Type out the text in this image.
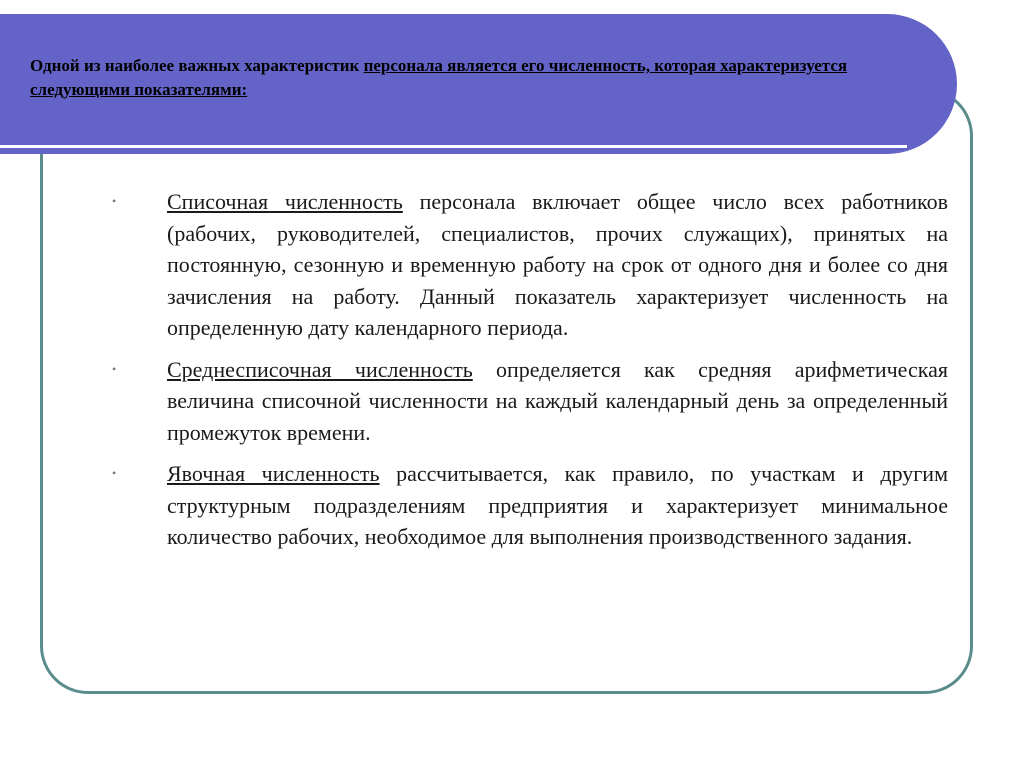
Одной из наиболее важных характеристик персонала является его численность, которая характеризуется следующими показателями:

• Списочная численность персонала включает общее число всех работников (рабочих, руководителей, специалистов, прочих служащих), принятых на постоянную, сезонную и временную работу на срок от одного дня и более со дня зачисления на работу. Данный показатель характеризует численность на определенную дату календарного периода.
• Среднесписочная численность определяется как средняя арифметическая величина списочной численности на каждый календарный день за определенный промежуток времени.
• Явочная численность рассчитывается, как правило, по участкам и другим структурным подразделениям предприятия и характеризует минимальное количество рабочих, необходимое для выполнения производственного задания.
